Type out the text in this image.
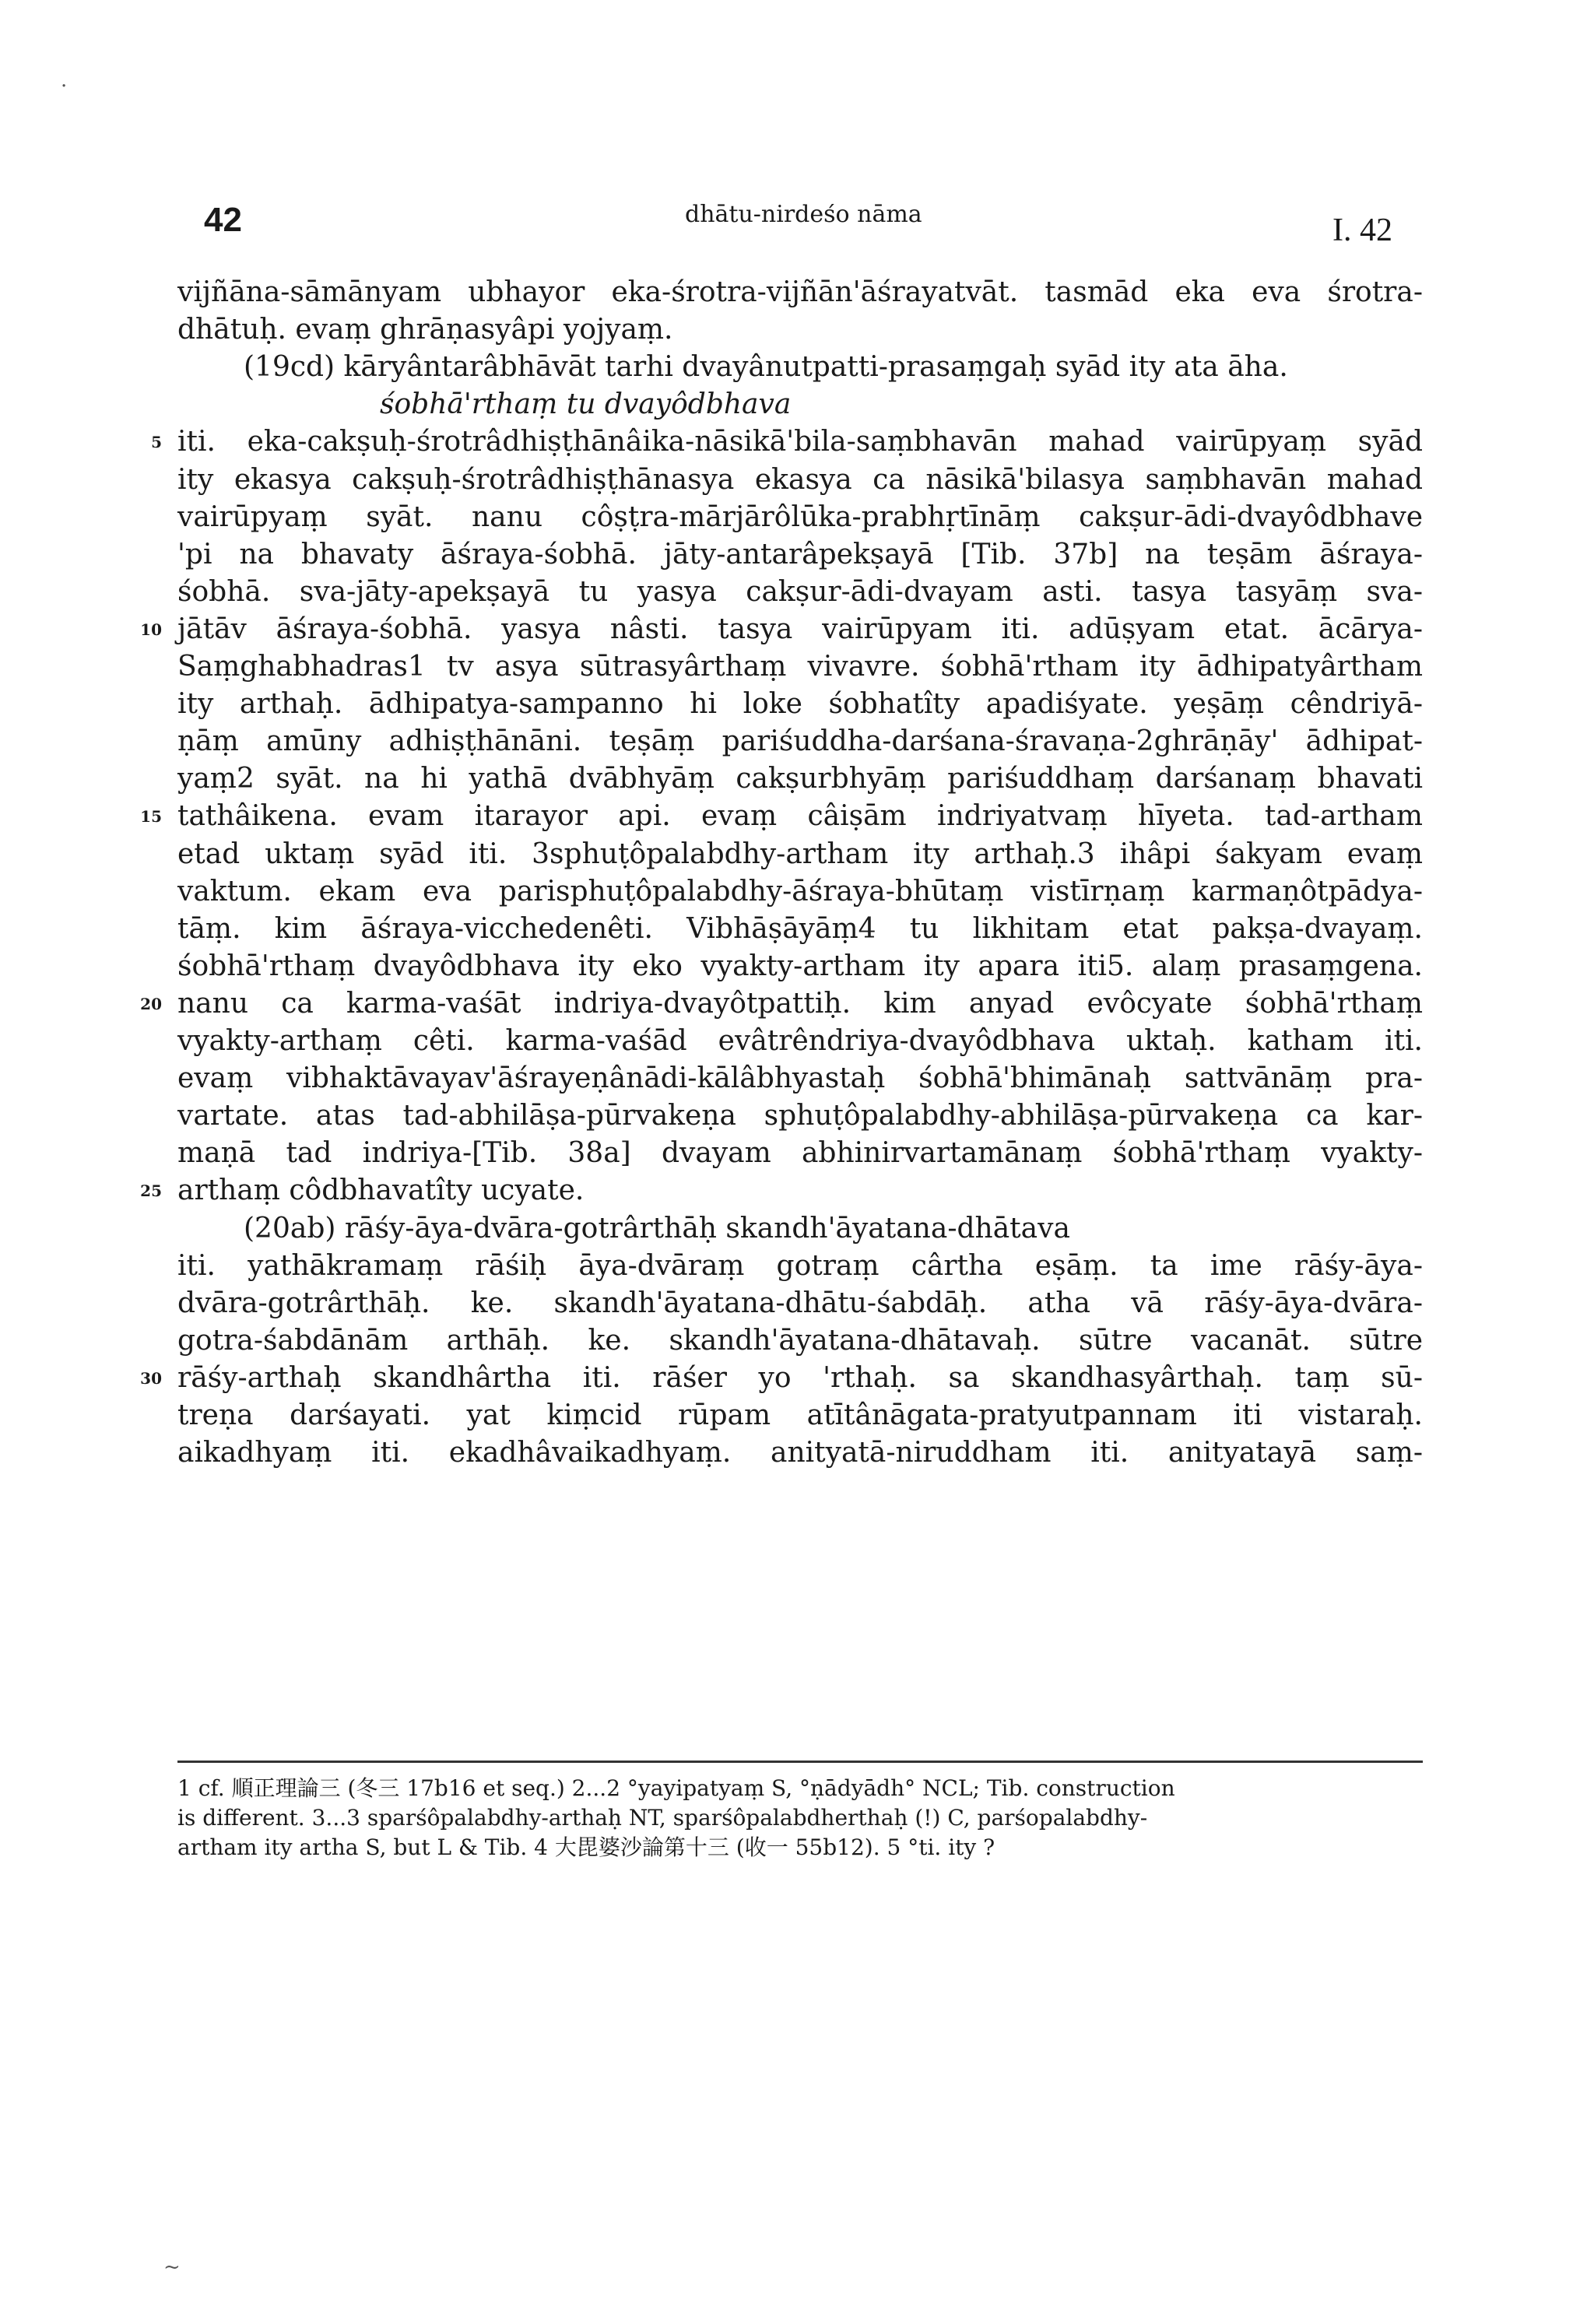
42	dhātu-nirdeśo nāma	I. 42
vijñāna-sāmānyam ubhayor eka-śrotra-vijñān'āśrayatvāt. tasmād eka eva śrotra-
dhātuḥ. evaṃ ghrāṇasyâpi yojyaṃ.
(19cd) kāryântarâbhāvāt tarhi dvayânutpatti-prasaṃgaḥ syād ity ata āha.
śobhā'rthaṃ tu dvayôdbhava
5 iti. eka-cakṣuḥ-śrotrâdhiṣṭhānâika-nāsikā'bila-saṃbhavān mahad vairūpyaṃ syād
ity ekasya cakṣuḥ-śrotrâdhiṣṭhānasya ekasya ca nāsikā'bilasya saṃbhavān mahad
vairūpyaṃ syāt. nanu côṣṭra-mārjārôlūka-prabhṛtīnāṃ cakṣur-ādi-dvayôdbhave
'pi na bhavaty āśraya-śobhā. jāty-antarâpekṣayā [Tib. 37b] na teṣām āśraya-
śobhā. sva-jāty-apekṣayā tu yasya cakṣur-ādi-dvayam asti. tasya tasyāṃ sva-
10 jātāv āśraya-śobhā. yasya nâsti. tasya vairūpyam iti. adūṣyam etat. ācārya-
Saṃghabhadras1 tv asya sūtrasyârthaṃ vivavre. śobhā'rtham ity ādhipatyârtham
ity arthaḥ. ādhipatya-sampanno hi loke śobhatîty apadiśyate. yeṣāṃ cêndriyā-
ṇāṃ amūny adhiṣṭhānāni. teṣāṃ pariśuddha-darśana-śravaṇa-2ghrāṇāy' ādhipat-
yaṃ2 syāt. na hi yathā dvābhyāṃ cakṣurbhyāṃ pariśuddhaṃ darśanaṃ bhavati
15 tathâikena. evam itarayor api. evaṃ câiṣām indriyatvaṃ hīyeta. tad-artham
etad uktaṃ syād iti. 3sphuṭôpalabdhy-artham ity arthaḥ.3 ihâpi śakyam evaṃ
vaktum. ekam eva parisphuṭôpalabdhy-āśraya-bhūtaṃ vistīrṇaṃ karmaṇôtpādya-
tāṃ. kim āśraya-vicchedenêti. Vibhāṣāyāṃ4 tu likhitam etat pakṣa-dvayaṃ.
śobhā'rthaṃ dvayôdbhava ity eko vyakty-artham ity apara iti5. alaṃ prasaṃgena.
20 nanu ca karma-vaśāt indriya-dvayôtpattiḥ. kim anyad evôcyate śobhā'rthaṃ
vyakty-arthaṃ cêti. karma-vaśād evâtrêndriya-dvayôdbhava uktaḥ. katham iti.
evaṃ vibhaktāvayav'āśrayeṇânādi-kālâbhyastaḥ śobhā'bhimānaḥ sattvānāṃ pra-
vartate. atas tad-abhilāṣa-pūrvakeṇa sphuṭôpalabdhy-abhilāṣa-pūrvakeṇa ca kar-
maṇā tad indriya-[Tib. 38a] dvayam abhinirvartamānaṃ śobhā'rthaṃ vyakty-
25 arthaṃ côdbhavatîty ucyate.
(20ab) rāśy-āya-dvāra-gotrârthāḥ skandh'āyatana-dhātava
iti. yathākramaṃ rāśiḥ āya-dvāraṃ gotraṃ cârtha eṣāṃ. ta ime rāśy-āya-
dvāra-gotrârthāḥ. ke. skandh'āyatana-dhātu-śabdāḥ. atha vā rāśy-āya-dvāra-
gotra-śabdānām arthāḥ. ke. skandh'āyatana-dhātavaḥ. sūtre vacanāt. sūtre
30 rāśy-arthaḥ skandhârtha iti. rāśer yo 'rthaḥ. sa skandhasyârthaḥ. taṃ sū-
treṇa darśayati. yat kiṃcid rūpam atītânāgata-pratyutpannam iti vistaraḥ.
aikadhyaṃ iti. ekadhâvaikadhyaṃ. anityatā-niruddham iti. anityatayā saṃ-
1 cf. 順正理論三 (冬三 17b16 et seq.) 2...2 °yayipatyaṃ S, °ṇādyādh° NCL; Tib. construction
is different. 3...3 sparśôpalabdhy-arthaḥ NT, sparśôpalabdherthaḥ (!) C, parśopalabdhy-
artham ity artha S, but L & Tib. 4 大毘婆沙論第十三 (收一 55b12). 5 °ti. ity ?
·
~
